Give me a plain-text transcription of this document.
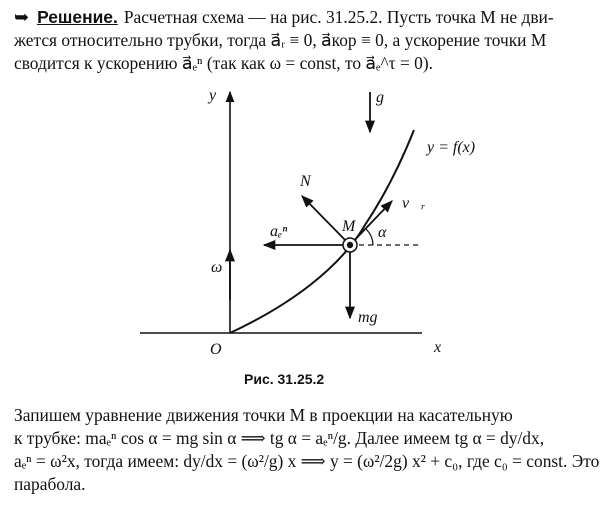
➥ Решение. Расчетная схема — на рис. 31.25.2. Пусть точка M не дви-
жется относительно трубки, тогда a⃗ᵣ ≡ 0, a⃗кор ≡ 0, а ускорение точки M
сводится к ускорению a⃗ₑⁿ (так как ω = const, то a⃗ₑ^τ = 0).
y
x
O
g⃗
y = f(x)
N⃗
v⃗ᵣ
M α
aₑⁿ
ω⃗
mg⃗
Рис. 31.25.2
Запишем уравнение движения точки M в проекции на касательную
к трубке: maₑⁿ cos α = mg sin α ⟹ tg α = aₑⁿ/g. Далее имеем tg α = dy/dx,
aₑⁿ = ω²x, тогда имеем: dy/dx = (ω²/g) x ⟹ y = (ω²/2g) x² + c₀, где c₀ = const. Это
парабола.
